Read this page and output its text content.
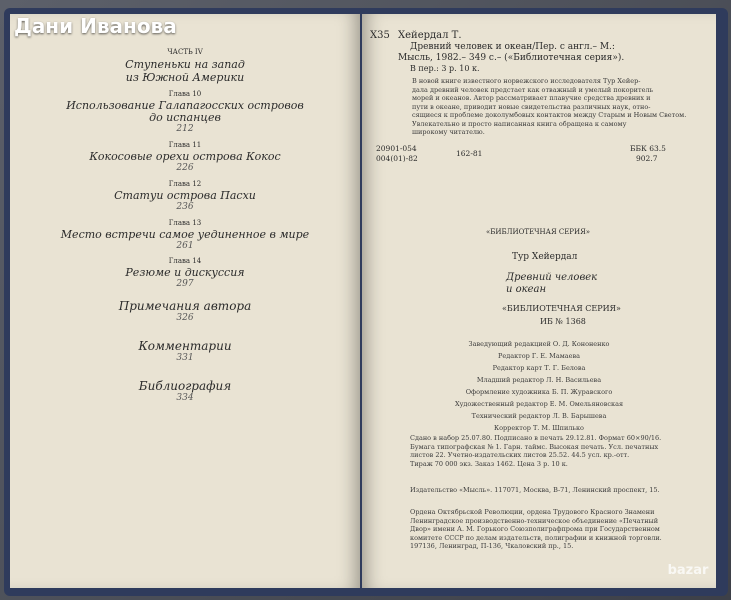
Дани Иванова
ЧАСТЬ IV
Ступеньки на запад
из Южной Америки
Глава 10
Использование Галапагосских островов
до испанцев
212
Глава 11
Кокосовые орехи острова Кокос
226
Глава 12
Статуи острова Пасхи
236
Глава 13
Место встречи самое уединенное в мире
261
Глава 14
Резюме и дискуссия
297
Примечания автора
326
Комментарии
331
Библиография
334
Х35 Хейердал Т.
Древний человек и океан/Пер. с англ.– М.:
Мысль, 1982.– 349 с.– («Библиотечная серия»).
В пер.: 3 р. 10 к.
В новой книге известного норвежского исследователя Тур Хейер-
дала древний человек предстает как отважный и умелый покоритель
морей и океанов. Автор рассматривает плавучие средства древних и
пути в океане, приводит новые свидетельства различных наук, отно-
сящиеся к проблеме доколумбовых контактов между Старым и Новым Светом.
Увлекательно и просто написанная книга обращена к самому
широкому читателю.
20901-054
004(01)-82
162-81
ББК 63.5
902.7
«БИБЛИОТЕЧНАЯ СЕРИЯ»
Тур Хейердал
Древний человек
и океан
«БИБЛИОТЕЧНАЯ СЕРИЯ»
ИБ № 1368
Заведующий редакцией О. Д. Кононенко
Редактор Г. Е. Мамаева
Редактор карт Т. Г. Белова
Младший редактор Л. Н. Васильева
Оформление художника Б. П. Журавского
Художественный редактор Е. М. Омельяновская
Технический редактор Л. В. Барышева
Корректор Т. М. Шпилько
Сдано в набор 25.07.80. Подписано в печать 29.12.81. Формат 60×90/16.
Бумага типографская № 1. Гарн. таймс. Высокая печать. Усл. печатных
листов 22. Учетно-издательских листов 25.52. 44.5 усл. кр.-отт.
Тираж 70 000 экз. Заказ 1462. Цена 3 р. 10 к.
Издательство «Мысль». 117071, Москва, В-71, Ленинский проспект, 15.
Ордена Октябрьской Революции, ордена Трудового Красного Знамени
Ленинградское производственно-техническое объединение «Печатный
Двор» имени А. М. Горького Союзполиграфпрома при Государственном
комитете СССР по делам издательств, полиграфии и книжной торговли.
197136, Ленинград, П-136, Чкаловский пр., 15.
bazar
